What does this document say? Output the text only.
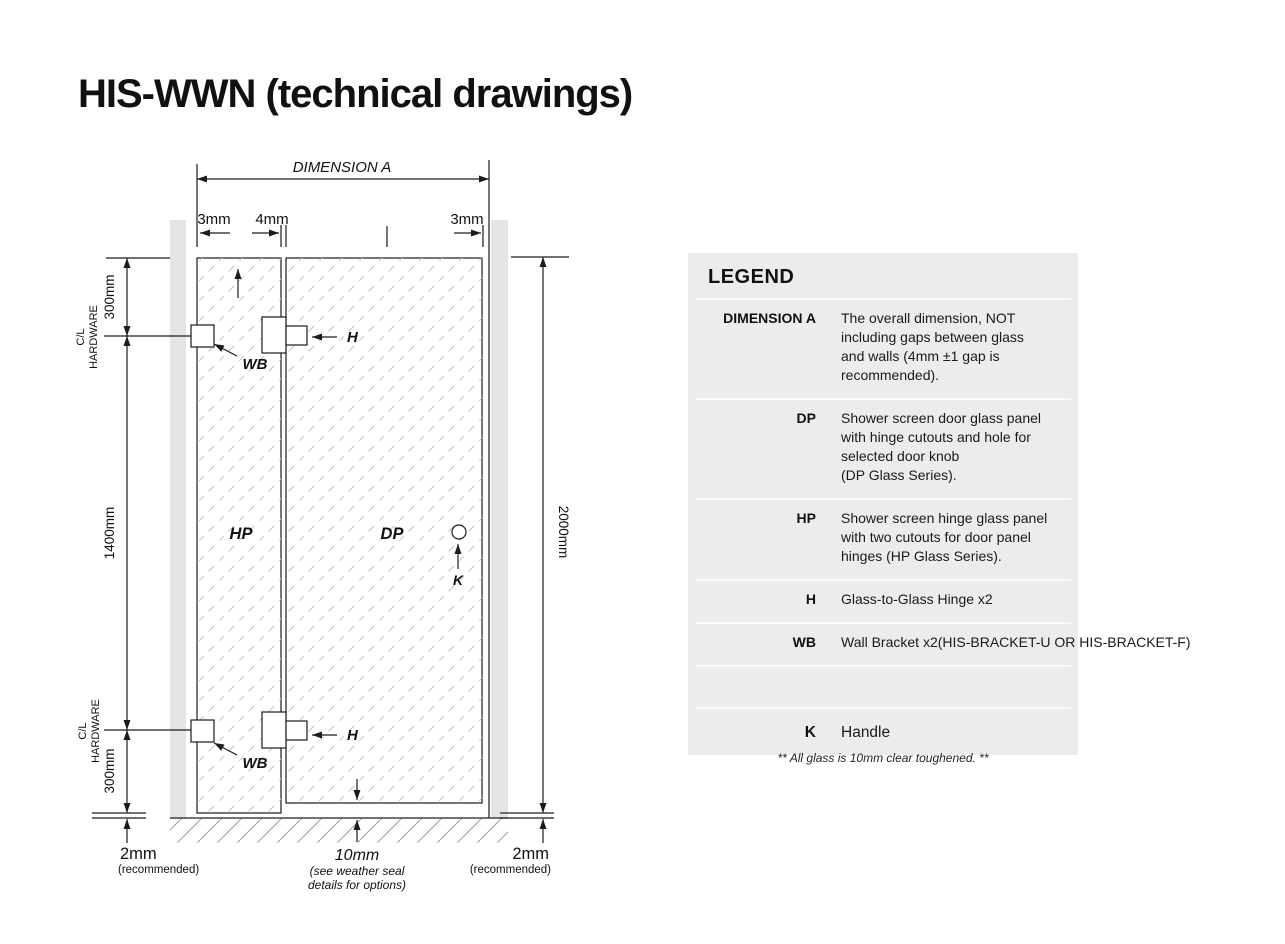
HIS-WWN (technical drawings)
DIMENSION A
3mm 4mm	3mm
300mm
1400mm
300mm
C/L HARDWARE
C/L HARDWARE
2000mm
H
WB
H
WB
HP	DP
K
2mm
(recommended)
10mm
(see weather seal
details for options)
2mm
(recommended)
LEGEND
DIMENSION A	The overall dimension, NOT
including gaps between glass
and walls (4mm ±1 gap is
recommended).
DP	Shower screen door glass panel
with hinge cutouts and hole for
selected door knob
(DP Glass Series).
HP	Shower screen hinge glass panel
with two cutouts for door panel
hinges (HP Glass Series).
H	Glass-to-Glass Hinge x2
WB	Wall Bracket x2(HIS-BRACKET-U OR HIS-BRACKET-F)
K	Handle
** All glass is 10mm clear toughened. **
